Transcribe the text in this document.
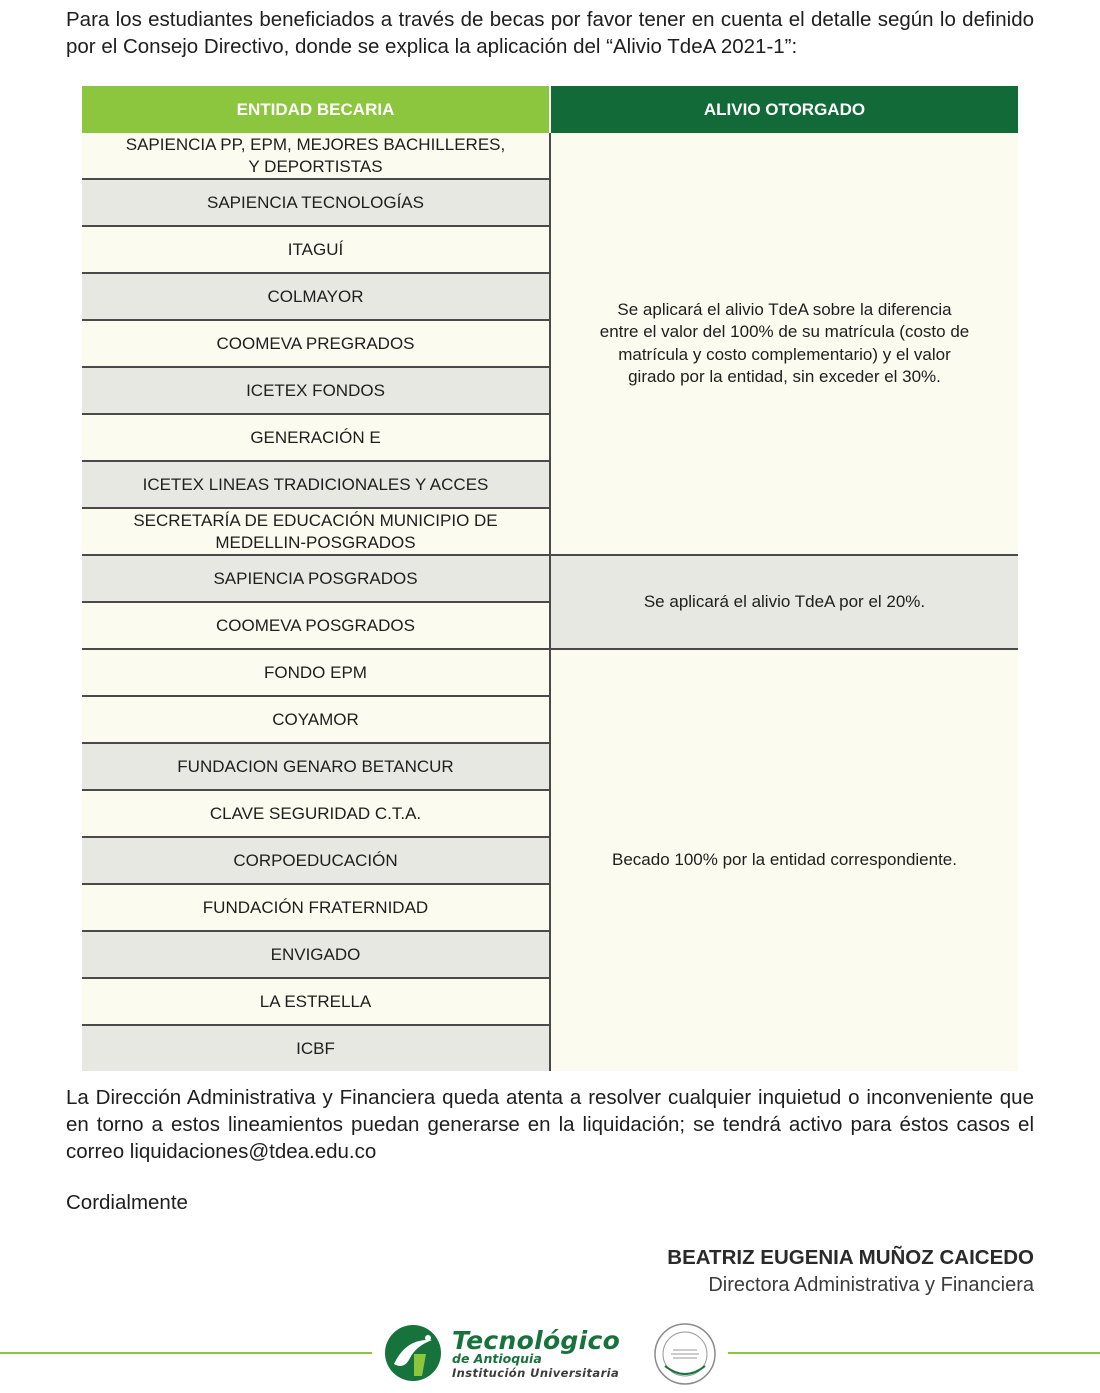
Para los estudiantes beneficiados a través de becas por favor tener en cuenta el detalle según lo definido por el Consejo Directivo, donde se explica la aplicación del “Alivio TdeA 2021-1”:

ENTIDAD BECARIA	ALIVIO OTORGADO
SAPIENCIA PP, EPM, MEJORES BACHILLERES, Y DEPORTISTAS	Se aplicará el alivio TdeA sobre la diferencia entre el valor del 100% de su matrícula (costo de matrícula y costo complementario) y el valor girado por la entidad, sin exceder el 30%.
SAPIENCIA TECNOLOGÍAS	
ITAGUÍ	
COLMAYOR	
COOMEVA PREGRADOS	
ICETEX FONDOS	
GENERACIÓN E	
ICETEX LINEAS TRADICIONALES Y ACCES	
SECRETARÍA DE EDUCACIÓN MUNICIPIO DE MEDELLIN-POSGRADOS	
SAPIENCIA POSGRADOS	Se aplicará el alivio TdeA por el 20%.
COOMEVA POSGRADOS	
FONDO EPM	Becado 100% por la entidad correspondiente.
COYAMOR	
FUNDACION GENARO BETANCUR	
CLAVE SEGURIDAD C.T.A.	
CORPOEDUCACIÓN	
FUNDACIÓN FRATERNIDAD	
ENVIGADO	
LA ESTRELLA	
ICBF	

La Dirección Administrativa y Financiera queda atenta a resolver cualquier inquietud o inconveniente que en torno a estos lineamientos puedan generarse en la liquidación; se tendrá activo para éstos casos el correo liquidaciones@tdea.edu.co

Cordialmente

BEATRIZ EUGENIA MUÑOZ CAICEDO
Directora Administrativa y Financiera
Tecnológico
de Antioquia
Institución Universitaria
